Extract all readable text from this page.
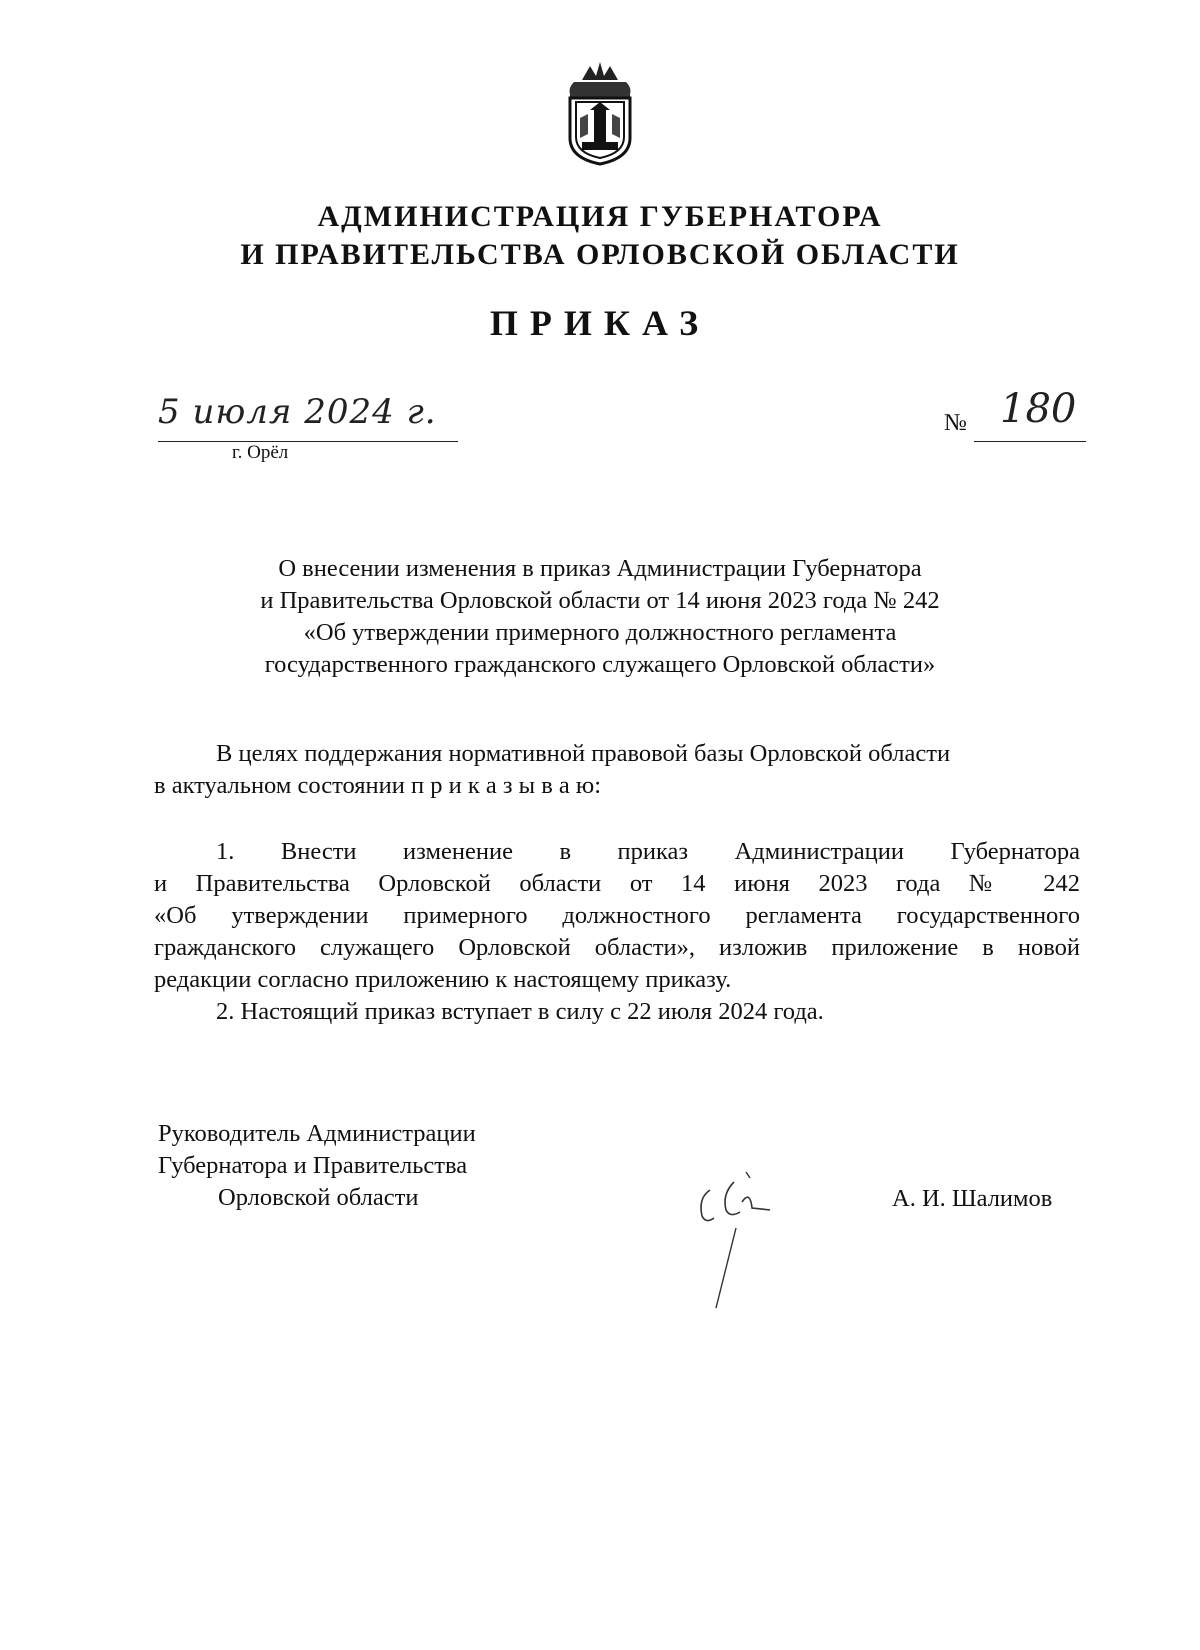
АДМИНИСТРАЦИЯ ГУБЕРНАТОРА
И ПРАВИТЕЛЬСТВА ОРЛОВСКОЙ ОБЛАСТИ
ПРИКАЗ
5 июля 2024 г.
г. Орёл
№ 180
О внесении изменения в приказ Администрации Губернатора
и Правительства Орловской области от 14 июня 2023 года № 242
«Об утверждении примерного должностного регламента
государственного гражданского служащего Орловской области»
В целях поддержания нормативной правовой базы Орловской области
в актуальном состоянии п р и к а з ы в а ю:
1. Внести изменение в приказ Администрации Губернатора
и Правительства Орловской области от 14 июня 2023 года № 242
«Об утверждении примерного должностного регламента государственного
гражданского служащего Орловской области», изложив приложение в новой
редакции согласно приложению к настоящему приказу.
2. Настоящий приказ вступает в силу с 22 июля 2024 года.
Руководитель Администрации
Губернатора и Правительства
Орловской области	А. И. Шалимов
